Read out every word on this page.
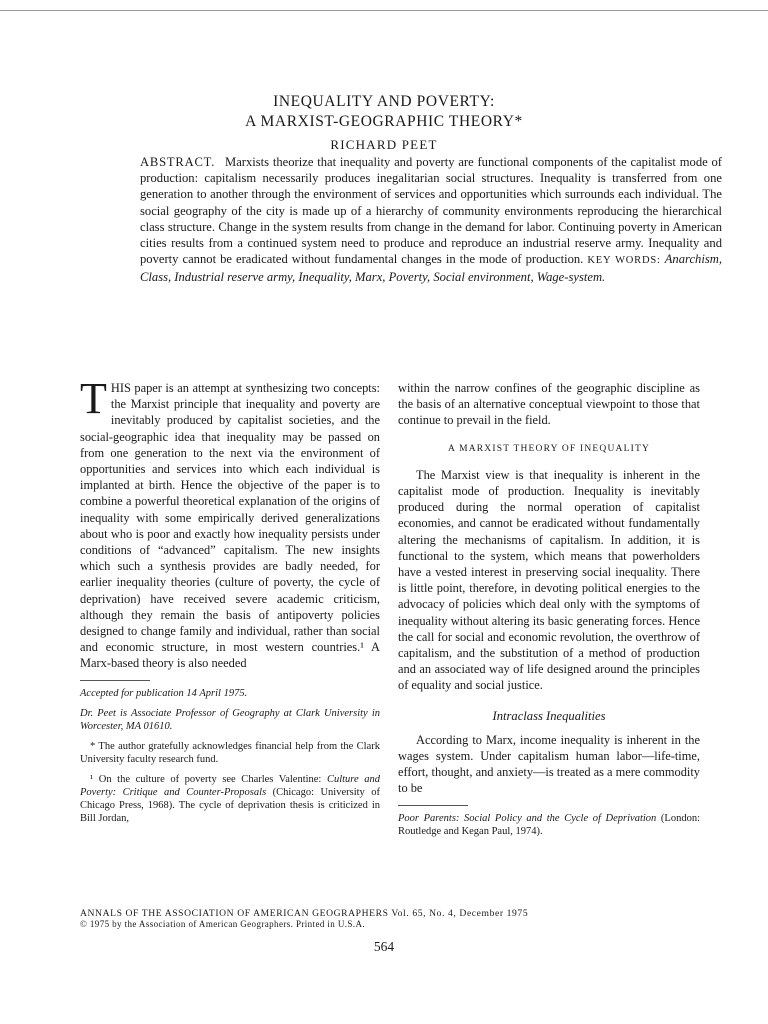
INEQUALITY AND POVERTY:
A MARXIST-GEOGRAPHIC THEORY*
RICHARD PEET
ABSTRACT. Marxists theorize that inequality and poverty are functional components of the capitalist mode of production: capitalism necessarily produces inegalitarian social structures. Inequality is transferred from one generation to another through the environment of services and opportunities which surrounds each individual. The social geography of the city is made up of a hierarchy of community environments reproducing the hierarchical class structure. Change in the system results from change in the demand for labor. Continuing poverty in American cities results from a continued system need to produce and reproduce an industrial reserve army. Inequality and poverty cannot be eradicated without fundamental changes in the mode of production. KEY WORDS: Anarchism, Class, Industrial reserve army, Inequality, Marx, Poverty, Social environment, Wage-system.

THIS paper is an attempt at synthesizing two concepts: the Marxist principle that inequality and poverty are inevitably produced by capitalist societies, and the social-geographic idea that inequality may be passed on from one generation to the next via the environment of opportunities and services into which each individual is implanted at birth. Hence the objective of the paper is to combine a powerful theoretical explanation of the origins of inequality with some empirically derived generalizations about who is poor and exactly how inequality persists under conditions of “advanced” capitalism. The new insights which such a synthesis provides are badly needed, for earlier inequality theories (culture of poverty, the cycle of deprivation) have received severe academic criticism, although they remain the basis of antipoverty policies designed to change family and individual, rather than social and economic structure, in most western countries.¹ A Marx-based theory is also needed

Accepted for publication 14 April 1975.
Dr. Peet is Associate Professor of Geography at Clark University in Worcester, MA 01610.
* The author gratefully acknowledges financial help from the Clark University faculty research fund.
¹ On the culture of poverty see Charles Valentine: Culture and Poverty: Critique and Counter-Proposals (Chicago: University of Chicago Press, 1968). The cycle of deprivation thesis is criticized in Bill Jordan,

within the narrow confines of the geographic discipline as the basis of an alternative conceptual viewpoint to those that continue to prevail in the field.

A MARXIST THEORY OF INEQUALITY

The Marxist view is that inequality is inherent in the capitalist mode of production. Inequality is inevitably produced during the normal operation of capitalist economies, and cannot be eradicated without fundamentally altering the mechanisms of capitalism. In addition, it is functional to the system, which means that powerholders have a vested interest in preserving social inequality. There is little point, therefore, in devoting political energies to the advocacy of policies which deal only with the symptoms of inequality without altering its basic generating forces. Hence the call for social and economic revolution, the overthrow of capitalism, and the substitution of a method of production and an associated way of life designed around the principles of equality and social justice.

Intraclass Inequalities

According to Marx, income inequality is inherent in the wages system. Under capitalism human labor—life-time, effort, thought, and anxiety—is treated as a mere commodity to be

Poor Parents: Social Policy and the Cycle of Deprivation (London: Routledge and Kegan Paul, 1974).
ANNALS OF THE ASSOCIATION OF AMERICAN GEOGRAPHERS Vol. 65, No. 4, December 1975
© 1975 by the Association of American Geographers. Printed in U.S.A.
564
